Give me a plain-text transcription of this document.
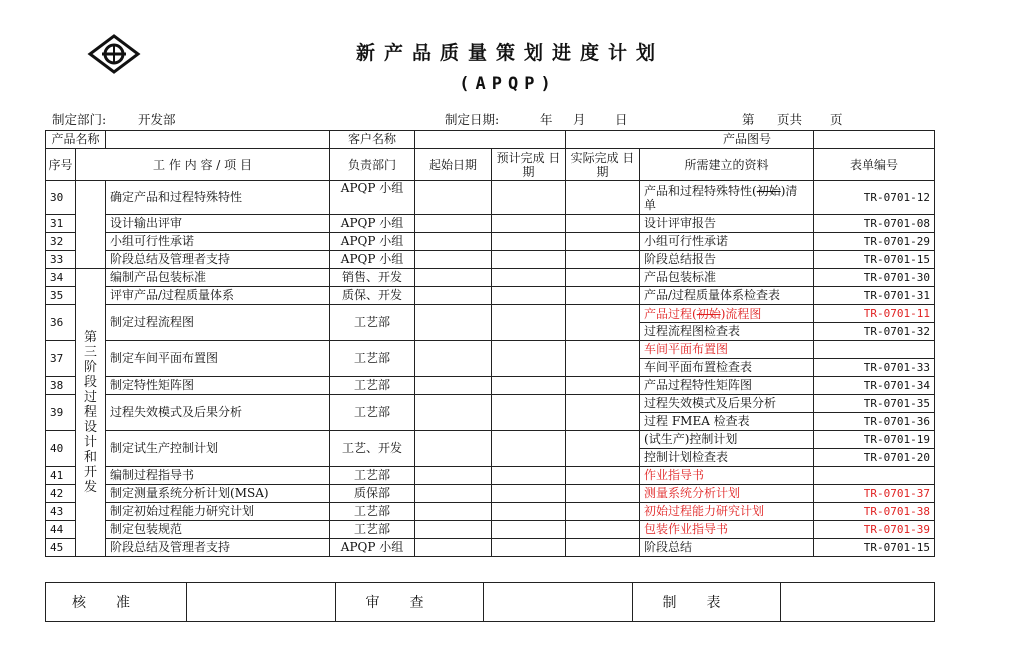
新产品质量策划进度计划
(APQP)
制定部门:	开发部	制定日期:	年 月 日	第 页共 页
产品名称			客户名称			产品图号		
序号	工 作 内 容 / 项 目		负责部门	起始日期	预计完成 日　期	实际完成 日　期	所需建立的资料	表单编号
30		确定产品和过程特殊特性	APQP 小组				产品和过程特殊特性(初始)清单	TR-0701-12
31		设计输出评审	APQP 小组				设计评审报告	TR-0701-08
32		小组可行性承诺	APQP 小组				小组可行性承诺	TR-0701-29
33		阶段总结及管理者支持	APQP 小组				阶段总结报告	TR-0701-15
34	第三阶段 过程设计和开发	编制产品包装标准	销售、开发				产品包装标准	TR-0701-30
35		评审产品/过程质量体系	质保、开发				产品/过程质量体系检查表	TR-0701-31
36		制定过程流程图	工艺部				产品过程(初始)流程图	TR-0701-11
							过程流程图检查表	TR-0701-32
37		制定车间平面布置图	工艺部				车间平面布置图	
							车间平面布置检查表	TR-0701-33
38		制定特性矩阵图	工艺部				产品过程特性矩阵图	TR-0701-34
39		过程失效模式及后果分析	工艺部				过程失效模式及后果分析	TR-0701-35
							过程 FMEA 检查表	TR-0701-36
40		制定试生产控制计划	工艺、开发				(试生产)控制计划	TR-0701-19
							控制计划检查表	TR-0701-20
41		编制过程指导书	工艺部				作业指导书	
42		制定测量系统分析计划(MSA)	质保部				测量系统分析计划	TR-0701-37
43		制定初始过程能力研究计划	工艺部				初始过程能力研究计划	TR-0701-38
44		制定包装规范	工艺部				包装作业指导书	TR-0701-39
45		阶段总结及管理者支持	APQP 小组				阶段总结	TR-0701-15
核准		审查		制表	
